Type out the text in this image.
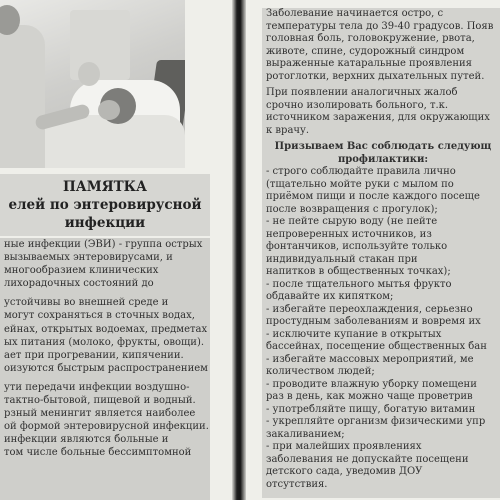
ПАМЯТКА
елей по энтеровирусной
инфекции
ные инфекции (ЭВИ) - группа острых
вызываемых энтеровирусами, и
многообразием клинических
лихорадочных состояний до
устойчивы во внешней среде и
могут сохраняться в сточных водах,
ейнах, открытых водоемах, предметах
ых питания (молоко, фрукты, овощи).
ает при прогревании, кипячении.
оизуются быстрым распространением
ути передачи инфекции воздушно-
тактно-бытовой, пищевой и водный.
рзный менингит является наиболее
ой формой энтеровирусной инфекции.
инфекции являются больные и
том числе больные бессимптомной
Заболевание начинается остро, с
температуры тела до 39-40 градусов. Появ
головная боль, головокружение, рвота,
животе, спине, судорожный синдром
выраженные катаральные проявления
ротоглотки, верхних дыхательных путей.
При появлении аналогичных жалоб
срочно изолировать больного, т.к.
источником заражения, для окружающих
к врачу.
Призываем Вас соблюдать следующ
профилактики:
- строго соблюдайте правила лично
(тщательно мойте руки с мылом по
приёмом пищи и после каждого посеще
после возвращения с прогулок);
- не пейте сырую воду (не пейте
непроверенных источников, из
фонтанчиков, используйте только
индивидуальный стакан при
напитков в общественных точках);
- после тщательного мытья фрукто
обдавайте их кипятком;
- избегайте переохлаждения, серьезно
простудным заболеваниям и вовремя их
- исключите купание в открытых
бассейнах, посещение общественных бан
- избегайте массовых мероприятий, ме
количеством людей;
- проводите влажную уборку помещени
раз в день, как можно чаще проветрив
- употребляйте пищу, богатую витамин
- укрепляйте организм физическими упр
закаливанием;
- при малейших проявлениях
заболевания не допускайте посещени
детского сада, уведомив ДОУ
отсутствия.
